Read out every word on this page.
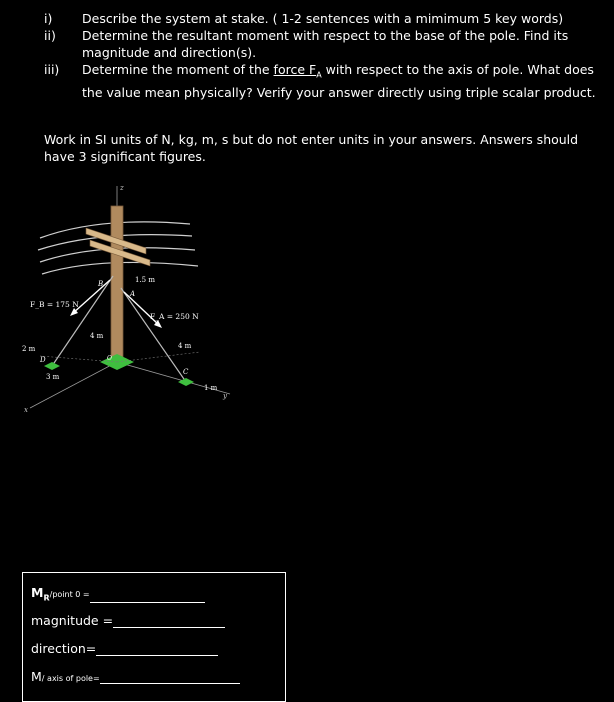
i)	Describe the system at stake. ( 1-2 sentences with a mimimum 5 key words)
ii)	Determine the resultant moment with respect to the base of the pole. Find its magnitude and direction(s).
iii)	Determine the moment of the force $F_A$ with respect to the axis of pole. What does the value mean physically? Verify your answer directly using triple scalar product.
Work in SI units of N, kg, m, s but do not enter units in your answers. Answers should have 3 significant figures.
z
x
y
B
A
C
D	O
1.5 m
4 m
4 m
2 m
3 m
1 m
F_B = 175 N
F_A = 250 N
$M_R$/point 0 =
magnitude =
direction=
M/ axis of pole=
